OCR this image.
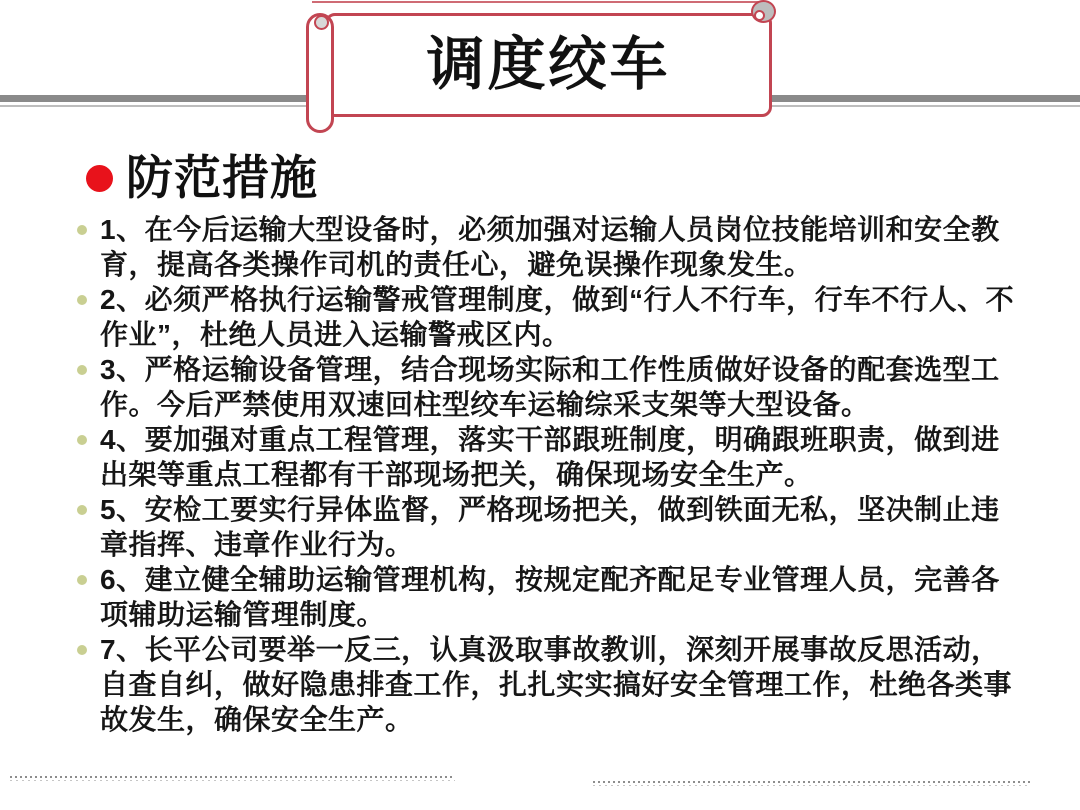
调度绞车
防范措施
1、在今后运输大型设备时，必须加强对运输人员岗位技能培训和安全教育，提高各类操作司机的责任心，避免误操作现象发生。
2、必须严格执行运输警戒管理制度，做到“行人不行车，行车不行人、不作业”，杜绝人员进入运输警戒区内。
3、严格运输设备管理，结合现场实际和工作性质做好设备的配套选型工作。今后严禁使用双速回柱型绞车运输综采支架等大型设备。
4、要加强对重点工程管理，落实干部跟班制度，明确跟班职责，做到进出架等重点工程都有干部现场把关，确保现场安全生产。
5、安检工要实行异体监督，严格现场把关，做到铁面无私，坚决制止违章指挥、违章作业行为。
6、建立健全辅助运输管理机构，按规定配齐配足专业管理人员，完善各项辅助运输管理制度。
7、长平公司要举一反三，认真汲取事故教训，深刻开展事故反思活动，自查自纠，做好隐患排查工作，扎扎实实搞好安全管理工作，杜绝各类事故发生，确保安全生产。
